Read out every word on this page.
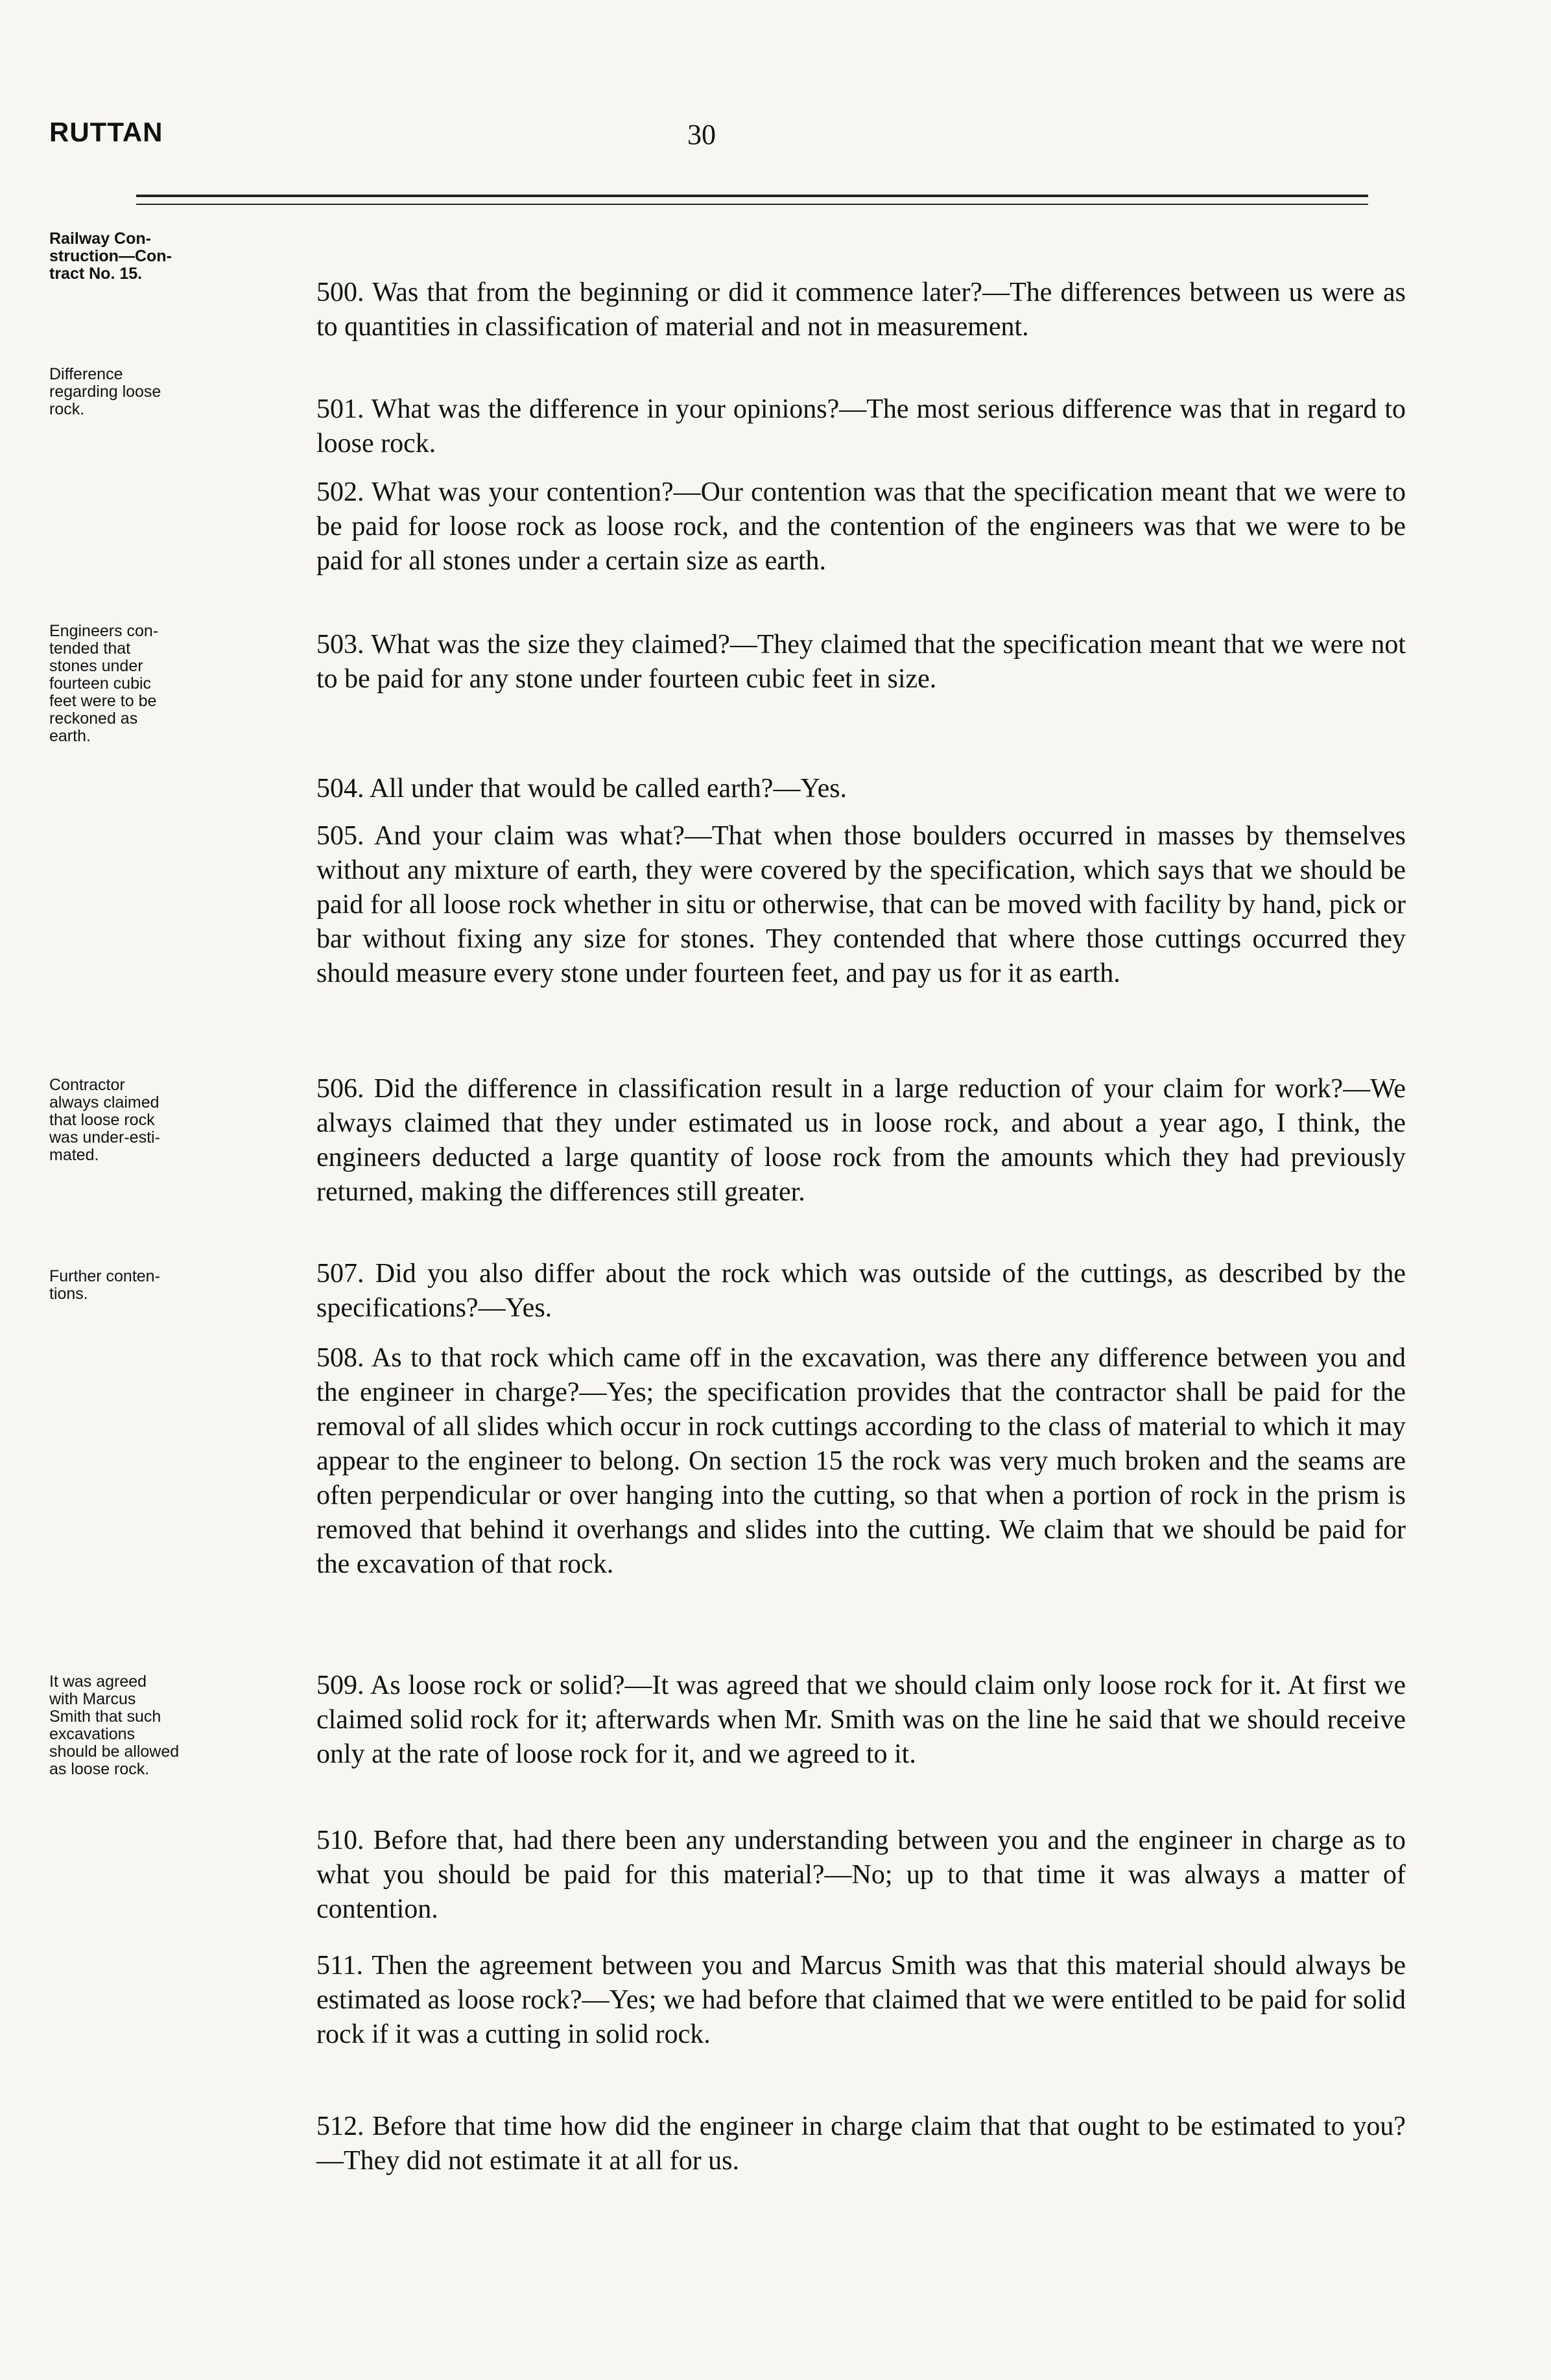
RUTTAN	30
Railway Con-
struction—Con-
tract No. 15.
Difference
regarding loose
rock.
Engineers con-
tended that
stones under
fourteen cubic
feet were to be
reckoned as
earth.
Contractor
always claimed
that loose rock
was under-esti-
mated.
Further conten-
tions.
It was agreed
with Marcus
Smith that such
excavations
should be allowed
as loose rock.
500. Was that from the beginning or did it commence later?—The differences between us were as to quantities in classification of material and not in measurement.
501. What was the difference in your opinions?—The most serious difference was that in regard to loose rock.
502. What was your contention?—Our contention was that the specification meant that we were to be paid for loose rock as loose rock, and the contention of the engineers was that we were to be paid for all stones under a certain size as earth.
503. What was the size they claimed?—They claimed that the specification meant that we were not to be paid for any stone under fourteen cubic feet in size.
504. All under that would be called earth?—Yes.
505. And your claim was what?—That when those boulders occurred in masses by themselves without any mixture of earth, they were covered by the specification, which says that we should be paid for all loose rock whether in situ or otherwise, that can be moved with facility by hand, pick or bar without fixing any size for stones. They contended that where those cuttings occurred they should measure every stone under fourteen feet, and pay us for it as earth.
506. Did the difference in classification result in a large reduction of your claim for work?—We always claimed that they under estimated us in loose rock, and about a year ago, I think, the engineers deducted a large quantity of loose rock from the amounts which they had previously returned, making the differences still greater.
507. Did you also differ about the rock which was outside of the cuttings, as described by the specifications?—Yes.
508. As to that rock which came off in the excavation, was there any difference between you and the engineer in charge?—Yes; the specification provides that the contractor shall be paid for the removal of all slides which occur in rock cuttings according to the class of material to which it may appear to the engineer to belong. On section 15 the rock was very much broken and the seams are often perpendicular or over hanging into the cutting, so that when a portion of rock in the prism is removed that behind it overhangs and slides into the cutting. We claim that we should be paid for the excavation of that rock.
509. As loose rock or solid?—It was agreed that we should claim only loose rock for it. At first we claimed solid rock for it; afterwards when Mr. Smith was on the line he said that we should receive only at the rate of loose rock for it, and we agreed to it.
510. Before that, had there been any understanding between you and the engineer in charge as to what you should be paid for this material?—No; up to that time it was always a matter of contention.
511. Then the agreement between you and Marcus Smith was that this material should always be estimated as loose rock?—Yes; we had before that claimed that we were entitled to be paid for solid rock if it was a cutting in solid rock.
512. Before that time how did the engineer in charge claim that that ought to be estimated to you?—They did not estimate it at all for us.
